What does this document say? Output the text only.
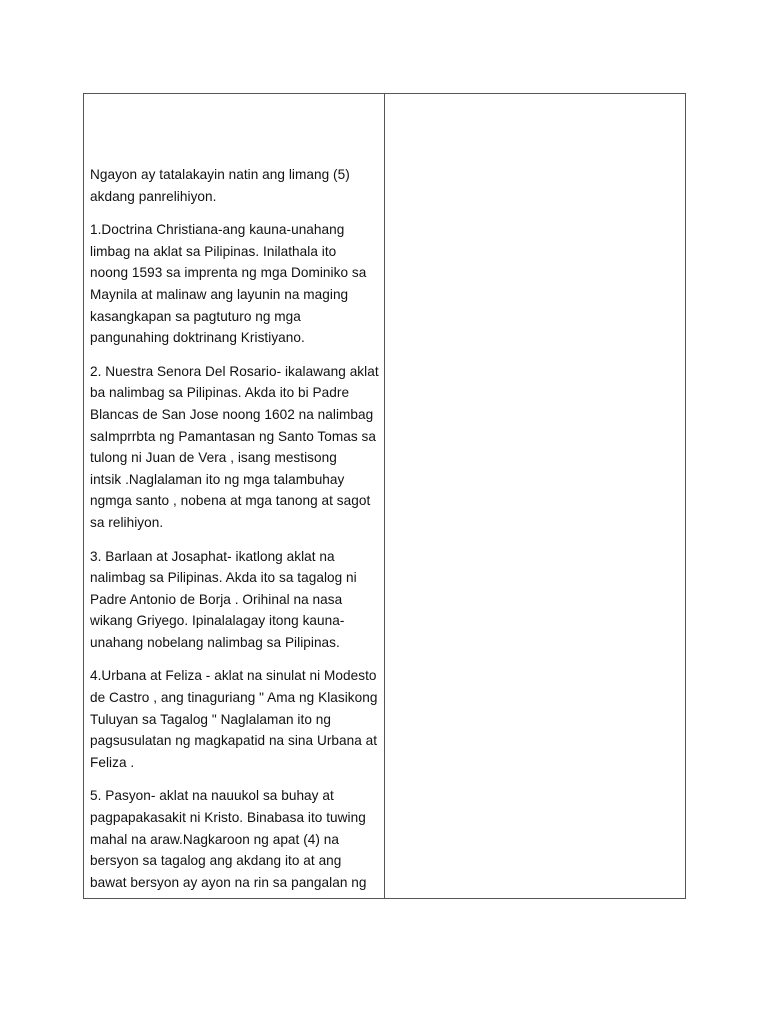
Ngayon ay tatalakayin natin ang limang (5)
akdang panrelihiyon.

1.Doctrina Christiana-ang kauna-unahang
limbag na aklat sa Pilipinas. Inilathala ito
noong 1593 sa imprenta ng mga Dominiko sa
Maynila at malinaw ang layunin na maging
kasangkapan sa pagtuturo ng mga
pangunahing doktrinang Kristiyano.

2. Nuestra Senora Del Rosario- ikalawang aklat
ba nalimbag sa Pilipinas. Akda ito bi Padre
Blancas de San Jose noong 1602 na nalimbag
saImprrbta ng Pamantasan ng Santo Tomas sa
tulong ni Juan de Vera , isang mestisong
intsik .Naglalaman ito ng mga talambuhay
ngmga santo , nobena at mga tanong at sagot
sa relihiyon.

3. Barlaan at Josaphat- ikatlong aklat na
nalimbag sa Pilipinas. Akda ito sa tagalog ni
Padre Antonio de Borja . Orihinal na nasa
wikang Griyego. Ipinalalagay itong kauna-
unahang nobelang nalimbag sa Pilipinas.

4.Urbana at Feliza - aklat na sinulat ni Modesto
de Castro , ang tinaguriang " Ama ng Klasikong
Tuluyan sa Tagalog " Naglalaman ito ng
pagsusulatan ng magkapatid na sina Urbana at
Feliza .

5. Pasyon- aklat na nauukol sa buhay at
pagpapakasakit ni Kristo. Binabasa ito tuwing
mahal na araw.Nagkaroon ng apat (4) na
bersyon sa tagalog ang akdang ito at ang
bawat bersyon ay ayon na rin sa pangalan ng
